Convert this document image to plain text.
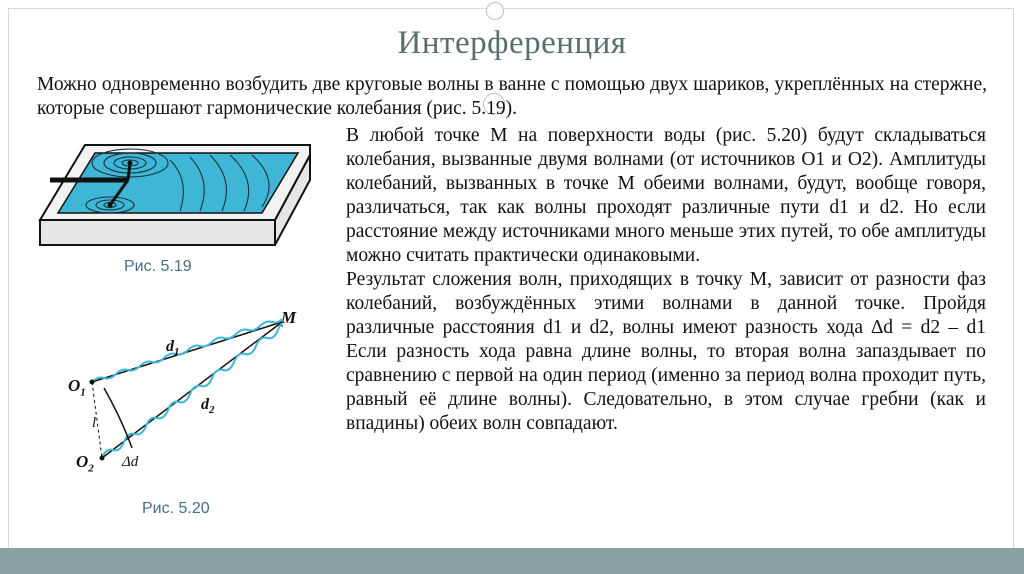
Интерференция
Можно одновременно возбудить две круговые волны в ванне с помощью двух шариков, укреплённых на стержне, которые совершают гармонические колебания (рис. 5.19).
Рис. 5.19
M
$O_1$
$O_2$
$d_1$
$d_2$
l
Δd
Рис. 5.20

В любой точке М на поверхности воды (рис. 5.20) будут складываться колебания, вызванные двумя волнами (от источников О1 и О2). Амплитуды колебаний, вызванных в точке М обеими волнами, будут, вообще говоря, различаться, так как волны проходят различные пути d1 и d2. Но если расстояние между источниками много меньше этих путей, то обе амплитуды можно считать практически одинаковыми.

Результат сложения волн, приходящих в точку М, зависит от разности фаз колебаний, возбуждённых этими волнами в данной точке. Пройдя различные расстояния d1 и d2, волны имеют разность хода ∆d = d2 – d1 Если разность хода равна длине волны, то вторая волна запаздывает по сравнению с первой на один период (именно за период волна проходит путь, равный её длине волны). Следовательно, в этом случае гребни (как и впадины) обеих волн совпадают.
